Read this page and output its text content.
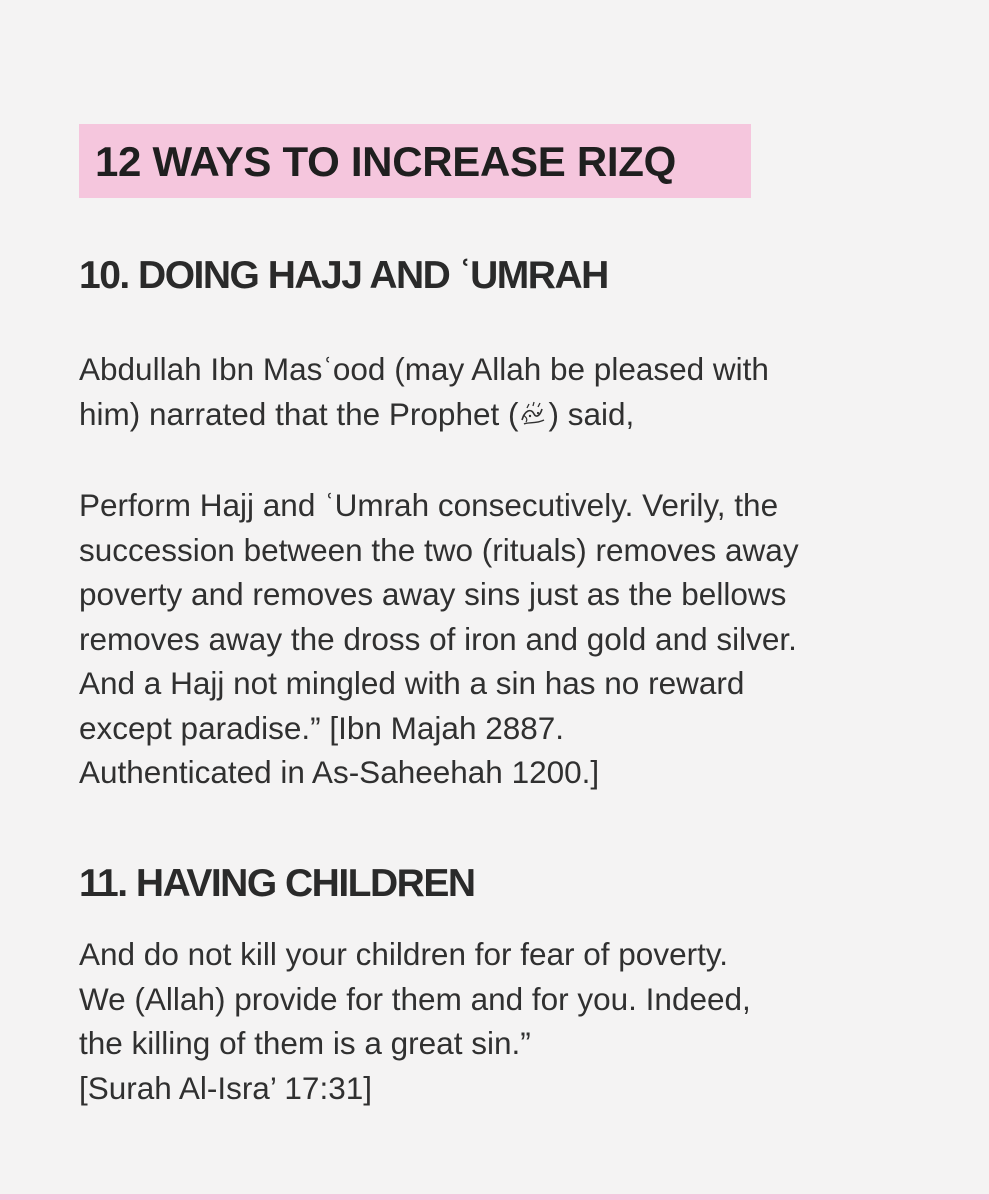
12 WAYS TO INCREASE RIZQ
10. DOING HAJJ AND ʿUMRAH
Abdullah Ibn Masʿood (may Allah be pleased with
him) narrated that the Prophet ( ) said,
Perform Hajj and ʿUmrah consecutively. Verily, the
succession between the two (rituals) removes away
poverty and removes away sins just as the bellows
removes away the dross of iron and gold and silver.
And a Hajj not mingled with a sin has no reward
except paradise.” [Ibn Majah 2887.
Authenticated in As-Saheehah 1200.]
11. HAVING CHILDREN
And do not kill your children for fear of poverty.
We (Allah) provide for them and for you. Indeed,
the killing of them is a great sin.”
[Surah Al-Isra’ 17:31]
